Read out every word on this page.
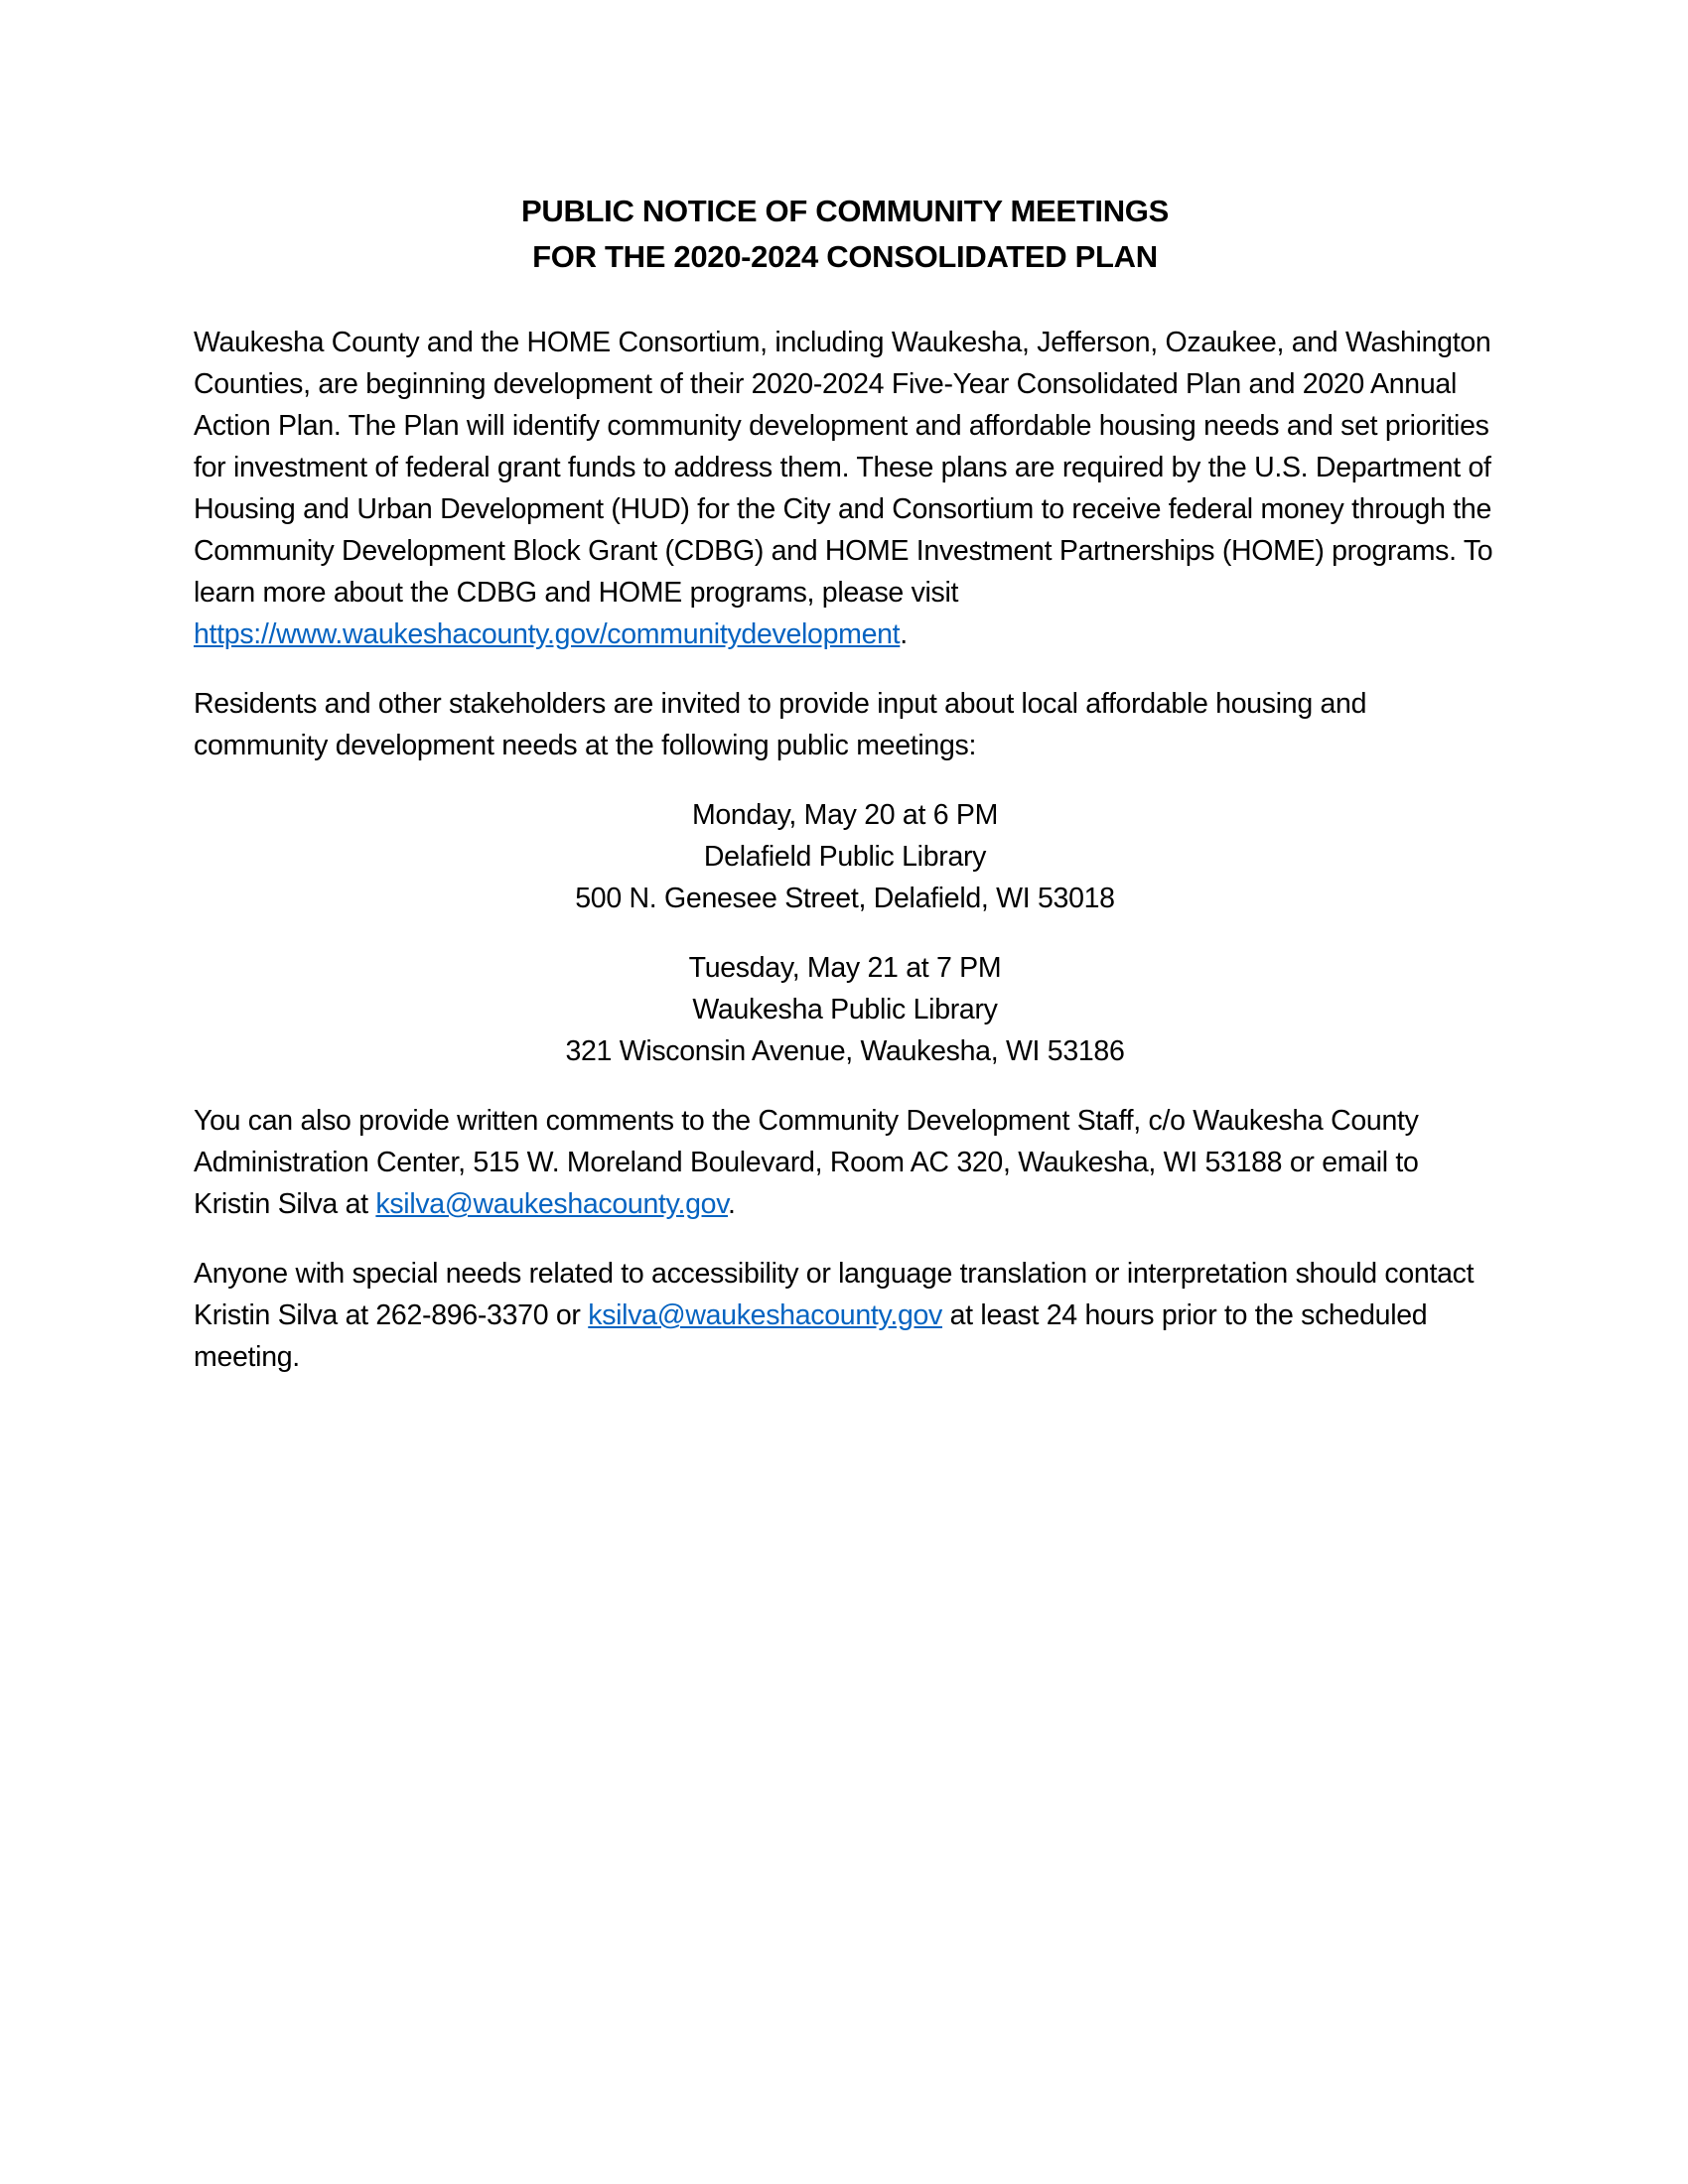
PUBLIC NOTICE OF COMMUNITY MEETINGS
FOR THE 2020-2024 CONSOLIDATED PLAN

Waukesha County and the HOME Consortium, including Waukesha, Jefferson, Ozaukee, and Washington Counties, are beginning development of their 2020-2024 Five-Year Consolidated Plan and 2020 Annual Action Plan. The Plan will identify community development and affordable housing needs and set priorities for investment of federal grant funds to address them. These plans are required by the U.S. Department of Housing and Urban Development (HUD) for the City and Consortium to receive federal money through the Community Development Block Grant (CDBG) and HOME Investment Partnerships (HOME) programs. To learn more about the CDBG and HOME programs, please visit https://www.waukeshacounty.gov/communitydevelopment.

Residents and other stakeholders are invited to provide input about local affordable housing and community development needs at the following public meetings:

Monday, May 20 at 6 PM
Delafield Public Library
500 N. Genesee Street, Delafield, WI 53018
Tuesday, May 21 at 7 PM
Waukesha Public Library
321 Wisconsin Avenue, Waukesha, WI 53186

You can also provide written comments to the Community Development Staff, c/o Waukesha County Administration Center, 515 W. Moreland Boulevard, Room AC 320, Waukesha, WI 53188 or email to Kristin Silva at ksilva@waukeshacounty.gov.

Anyone with special needs related to accessibility or language translation or interpretation should contact Kristin Silva at 262-896-3370 or ksilva@waukeshacounty.gov at least 24 hours prior to the scheduled meeting.
